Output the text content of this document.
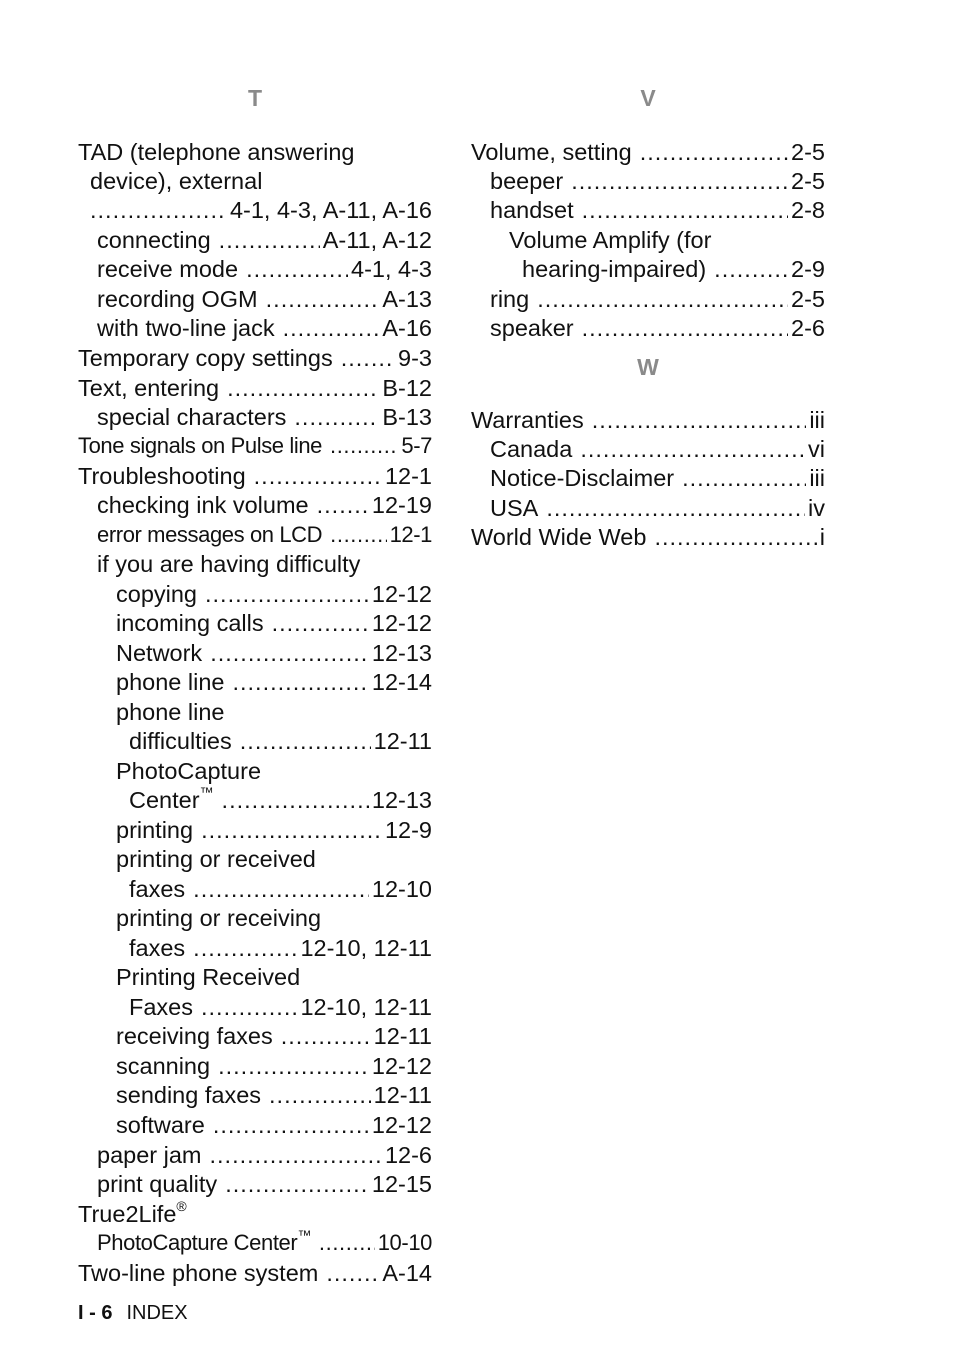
T
TAD (telephone answering
device), external
.....
4-1, 4-3, A-11, A-16
connecting .....	A-11, A-12
receive mode .....	4-1, 4-3
recording OGM .....	A-13
with two-line jack .....	A-16
Temporary copy settings .....	9-3
Text, entering .....	B-12
special characters .....	B-13
Tone signals on Pulse line .....	5-7
Troubleshooting .....	12-1
checking ink volume .....	12-19
error messages on LCD .....	12-1
if you are having difficulty
copying .....	12-12
incoming calls .....	12-12
Network .....	12-13
phone line .....	12-14
phone line
difficulties .....	12-11
PhotoCapture
Center™ .....	12-13
printing .....	12-9
printing or received
faxes .....	12-10
printing or receiving
faxes .....	12-10, 12-11
Printing Received
Faxes .....	12-10, 12-11
receiving faxes .....	12-11
scanning .....	12-12
sending faxes .....	12-11
software .....	12-12
paper jam .....	12-6
print quality .....	12-15
True2Life®
PhotoCapture Center™ .....	10-10
Two-line phone system .....	A-14
V
Volume, setting .....	2-5
beeper .....	2-5
handset .....	2-8
Volume Amplify (for
hearing-impaired) .....	2-9
ring .....	2-5
speaker .....	2-6
W
Warranties .....	iii
Canada .....	vi
Notice-Disclaimer .....	iii
USA .....	iv
World Wide Web .....	i
I - 6 INDEX
